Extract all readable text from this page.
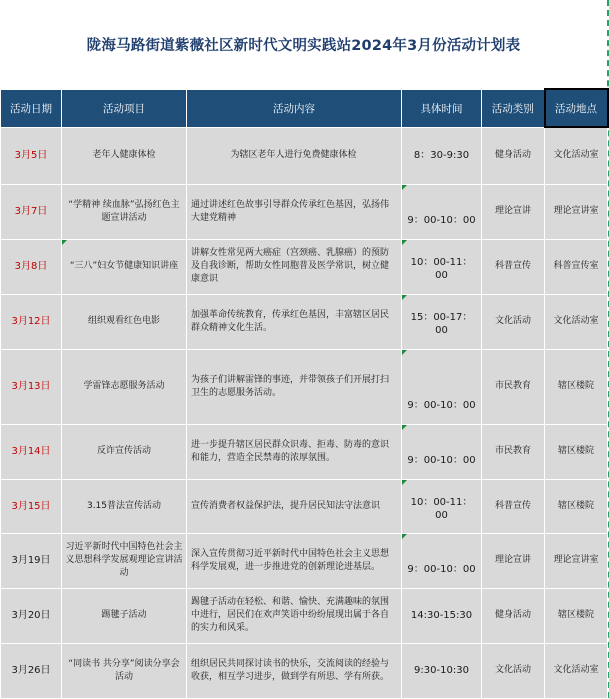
陇海马路街道紫薇社区新时代文明实践站2024年3月份活动计划表
活动日期	活动项目	活动内容	具体时间	活动类别	活动地点
3月5日	老年人健康体检	为辖区老年人进行免费健康体检	8：30-9:30	健身活动	文化活动室
3月7日	“学精神 续血脉”弘扬红色主题宣讲活动	通过讲述红色故事引导群众传承红色基因，弘扬伟大建党精神	9：00-10：00	理论宣讲	理论宣讲室
3月8日	“三八”妇女节健康知识讲座	讲解女性常见两大癌症（宫颈癌、乳腺癌）的预防及自我诊断，帮助女性同胞普及医学常识，树立健康意识	10：00-11：00	科普宣传	科普宣传室
3月12日	组织观看红色电影	加强革命传统教育，传承红色基因，丰富辖区居民群众精神文化生活。	15：00-17：00	文化活动	文化活动室
3月13日	学雷锋志愿服务活动	为孩子们讲解雷锋的事迹，并带领孩子们开展打扫卫生的志愿服务活动。	9：00-10：00	市民教育	辖区楼院
3月14日	反诈宣传活动	进一步提升辖区居民群众识毒、拒毒、防毒的意识和能力，营造全民禁毒的浓厚氛围。	9：00-10：00	市民教育	辖区楼院
3月15日	3.15普法宣传活动	宣传消费者权益保护法，提升居民知法守法意识	10：00-11：00	科普宣传	辖区楼院
3月19日	习近平新时代中国特色社会主义思想科学发展观理论宣讲活动	深入宣传贯彻习近平新时代中国特色社会主义思想科学发展观，进一步推进党的创新理论进基层。	9：00-10：00	理论宣讲	理论宣讲室
3月20日	踢毽子活动	踢毽子活动在轻松、和谐、愉快、充满趣味的氛围中进行，居民们在欢声笑语中纷纷展现出属于各自的实力和风采。	14:30-15:30	健身活动	辖区楼院
3月26日	“同读书 共分享”阅读分享会活动	组织居民共同探讨读书的快乐，交流阅读的经验与收获，相互学习进步，做到学有所思、学有所获。	9:30-10:30	文化活动	文化活动室
